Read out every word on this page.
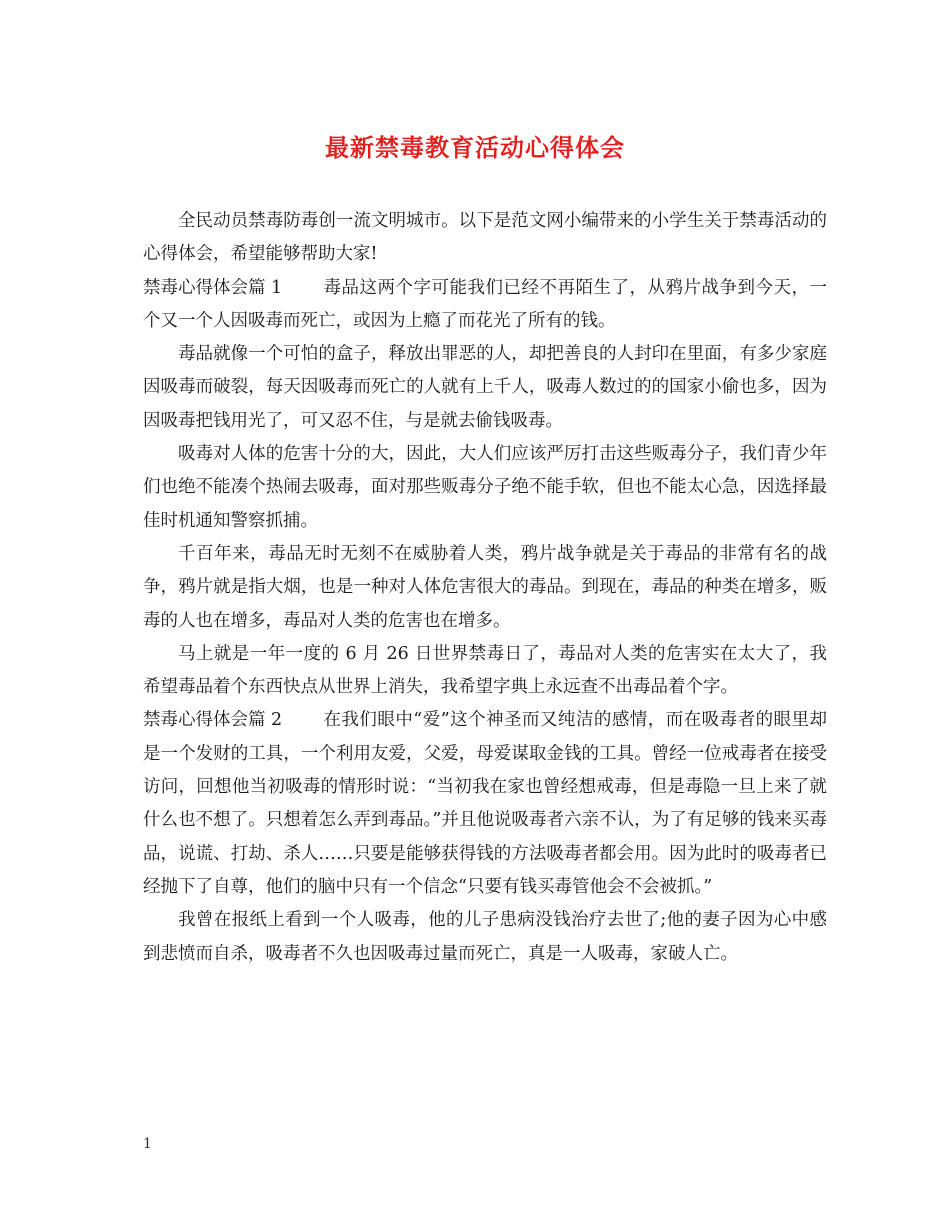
最新禁毒教育活动心得体会

全民动员禁毒防毒创一流文明城市。以下是范文网小编带来的小学生关于禁毒活动的心得体会，希望能够帮助大家!

禁毒心得体会篇 1 毒品这两个字可能我们已经不再陌生了，从鸦片战争到今天，一个又一个人因吸毒而死亡，或因为上瘾了而花光了所有的钱。

毒品就像一个可怕的盒子，释放出罪恶的人，却把善良的人封印在里面，有多少家庭因吸毒而破裂，每天因吸毒而死亡的人就有上千人，吸毒人数过的的国家小偷也多，因为因吸毒把钱用光了，可又忍不住，与是就去偷钱吸毒。

吸毒对人体的危害十分的大，因此，大人们应该严厉打击这些贩毒分子，我们青少年们也绝不能凑个热闹去吸毒，面对那些贩毒分子绝不能手软，但也不能太心急，因选择最佳时机通知警察抓捕。

千百年来，毒品无时无刻不在威胁着人类，鸦片战争就是关于毒品的非常有名的战争，鸦片就是指大烟，也是一种对人体危害很大的毒品。到现在，毒品的种类在增多，贩毒的人也在增多，毒品对人类的危害也在增多。

马上就是一年一度的 6 月 26 日世界禁毒日了，毒品对人类的危害实在太大了，我希望毒品着个东西快点从世界上消失，我希望字典上永远查不出毒品着个字。

禁毒心得体会篇 2 在我们眼中“爱”这个神圣而又纯洁的感情，而在吸毒者的眼里却是一个发财的工具，一个利用友爱，父爱，母爱谋取金钱的工具。曾经一位戒毒者在接受访问，回想他当初吸毒的情形时说：“当初我在家也曾经想戒毒，但是毒隐一旦上来了就什么也不想了。只想着怎么弄到毒品。”并且他说吸毒者六亲不认，为了有足够的钱来买毒品，说谎、打劫、杀人……只要是能够获得钱的方法吸毒者都会用。因为此时的吸毒者已经抛下了自尊，他们的脑中只有一个信念“只要有钱买毒管他会不会被抓。”

我曾在报纸上看到一个人吸毒，他的儿子患病没钱治疗去世了;他的妻子因为心中感到悲愤而自杀，吸毒者不久也因吸毒过量而死亡，真是一人吸毒，家破人亡。

1
